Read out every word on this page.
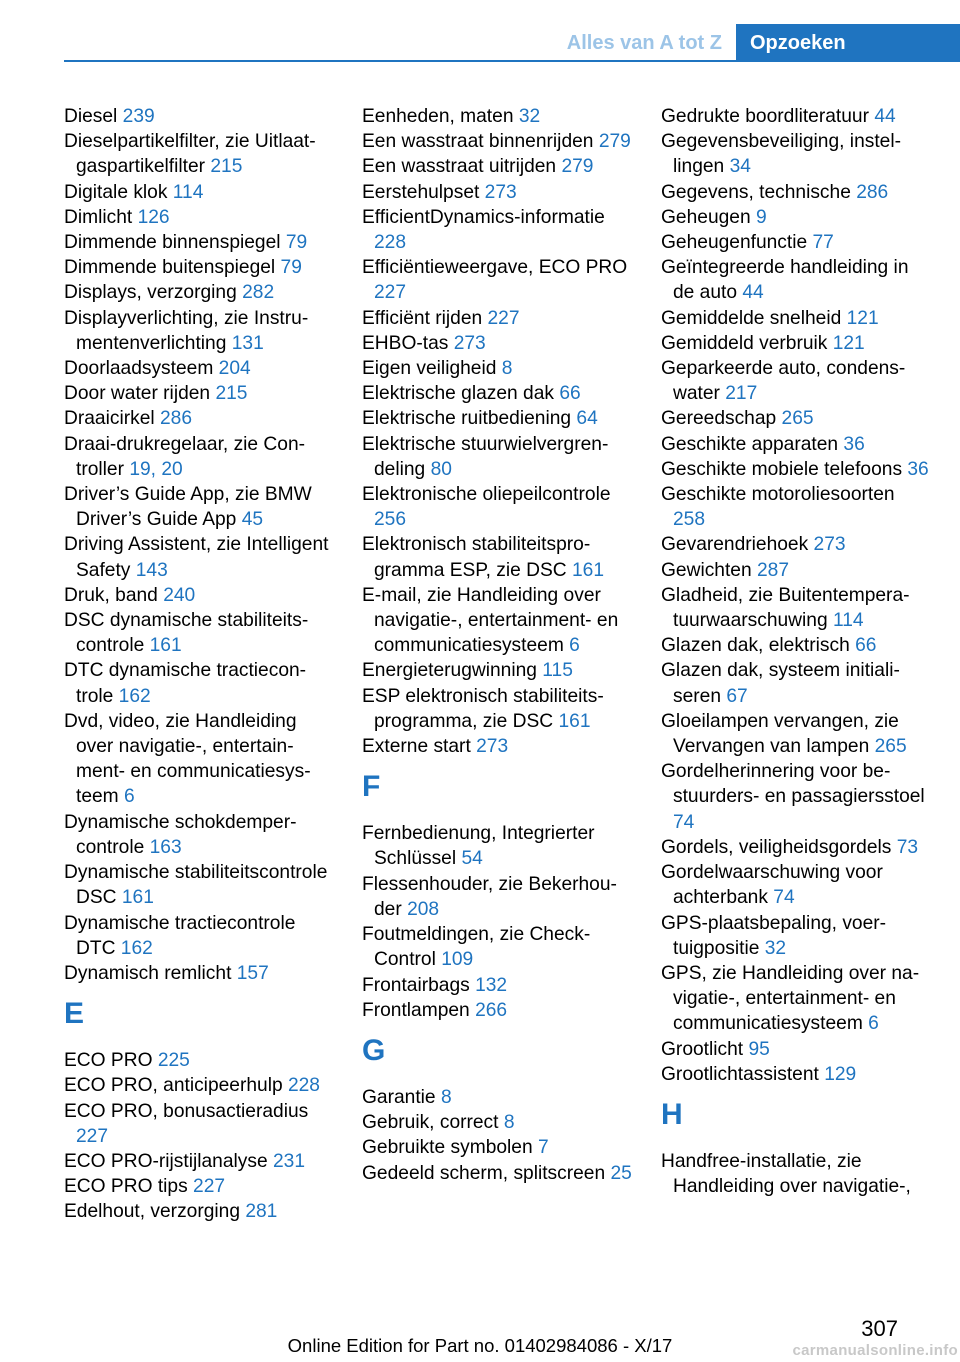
Alles van A tot Z	Opzoeken
Diesel 239
Dieselpartikelfilter, zie Uitlaatgaspartikelfilter 215
Digitale klok 114
Dimlicht 126
Dimmende binnenspiegel 79
Dimmende buitenspiegel 79
Displays, verzorging 282
Displayverlichting, zie Instrumentenverlichting 131
Doorlaadsysteem 204
Door water rijden 215
Draaicirkel 286
Draai-drukregelaar, zie Controller 19, 20
Driver’s Guide App, zie BMW Driver’s Guide App 45
Driving Assistent, zie Intelligent Safety 143
Druk, band 240
DSC dynamische stabiliteitscontrole 161
DTC dynamische tractiecontrole 162
Dvd, video, zie Handleiding over navigatie-, entertainment- en communicatiesysteem 6
Dynamische schokdempercontrole 163
Dynamische stabiliteitscontrole DSC 161
Dynamische tractiecontrole DTC 162
Dynamisch remlicht 157
E
ECO PRO 225
ECO PRO, anticipeerhulp 228
ECO PRO, bonusactieradius 227
ECO PRO-rijstijlanalyse 231
ECO PRO tips 227
Edelhout, verzorging 281
Eenheden, maten 32
Een wasstraat binnenrijden 279
Een wasstraat uitrijden 279
Eerstehulpset 273
EfficientDynamics-informatie 228
Efficiëntieweergave, ECO PRO 227
Efficiënt rijden 227
EHBO-tas 273
Eigen veiligheid 8
Elektrische glazen dak 66
Elektrische ruitbediening 64
Elektrische stuurwielvergrendeling 80
Elektronische oliepeilcontrole 256
Elektronisch stabiliteitsprogramma ESP, zie DSC 161
E-mail, zie Handleiding over navigatie-, entertainment- en communicatiesysteem 6
Energieterugwinning 115
ESP elektronisch stabiliteitsprogramma, zie DSC 161
Externe start 273
F
Fernbedienung, Integrierter Schlüssel 54
Flessenhouder, zie Bekerhouder 208
Foutmeldingen, zie Check-Control 109
Frontairbags 132
Frontlampen 266
G
Garantie 8
Gebruik, correct 8
Gebruikte symbolen 7
Gedeeld scherm, splitscreen 25
Gedrukte boordliteratuur 44
Gegevensbeveiliging, instellingen 34
Gegevens, technische 286
Geheugen 9
Geheugenfunctie 77
Geïntegreerde handleiding in de auto 44
Gemiddelde snelheid 121
Gemiddeld verbruik 121
Geparkeerde auto, condenswater 217
Gereedschap 265
Geschikte apparaten 36
Geschikte mobiele telefoons 36
Geschikte motoroliesoorten 258
Gevarendriehoek 273
Gewichten 287
Gladheid, zie Buitentemperatuurwaarschuwing 114
Glazen dak, elektrisch 66
Glazen dak, systeem initialiseren 67
Gloeilampen vervangen, zie Vervangen van lampen 265
Gordelherinnering voor bestuurders- en passagiersstoel 74
Gordels, veiligheidsgordels 73
Gordelwaarschuwing voor achterbank 74
GPS-plaatsbepaling, voertuigpositie 32
GPS, zie Handleiding over navigatie-, entertainment- en communicatiesysteem 6
Grootlicht 95
Grootlichtassistent 129
H
Handfree-installatie, zie Handleiding over navigatie-,
307
Online Edition for Part no. 01402984086 - X/17	carmanualsonline.info
